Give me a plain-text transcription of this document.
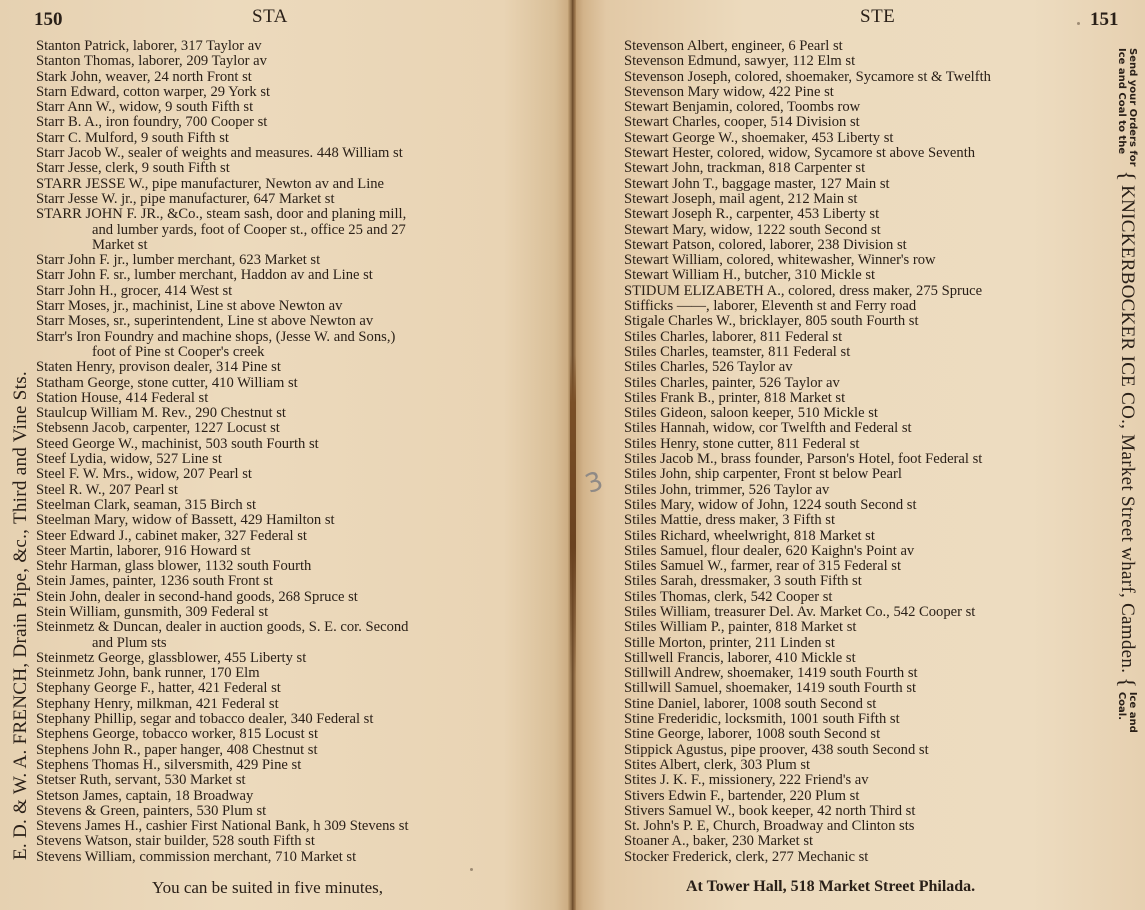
150	STA
E. D. & W. A. FRENCH, Drain Pipe, &c., Third and Vine Sts.
Stanton Patrick, laborer, 317 Taylor av
Stanton Thomas, laborer, 209 Taylor av
Stark John, weaver, 24 north Front st
Starn Edward, cotton warper, 29 York st
Starr Ann W., widow, 9 south Fifth st
Starr B. A., iron foundry, 700 Cooper st
Starr C. Mulford, 9 south Fifth st
Starr Jacob W., sealer of weights and measures. 448 William st
Starr Jesse, clerk, 9 south Fifth st
STARR JESSE W., pipe manufacturer, Newton av and Line
Starr Jesse W. jr., pipe manufacturer, 647 Market st
STARR JOHN F. JR., &Co., steam sash, door and planing mill,
and lumber yards, foot of Cooper st., office 25 and 27
Market st
Starr John F. jr., lumber merchant, 623 Market st
Starr John F. sr., lumber merchant, Haddon av and Line st
Starr John H., grocer, 414 West st
Starr Moses, jr., machinist, Line st above Newton av
Starr Moses, sr., superintendent, Line st above Newton av
Starr's Iron Foundry and machine shops, (Jesse W. and Sons,)
foot of Pine st Cooper's creek
Staten Henry, provison dealer, 314 Pine st
Statham George, stone cutter, 410 William st
Station House, 414 Federal st
Staulcup William M. Rev., 290 Chestnut st
Stebsenn Jacob, carpenter, 1227 Locust st
Steed George W., machinist, 503 south Fourth st
Steef Lydia, widow, 527 Line st
Steel F. W. Mrs., widow, 207 Pearl st
Steel R. W., 207 Pearl st
Steelman Clark, seaman, 315 Birch st
Steelman Mary, widow of Bassett, 429 Hamilton st
Steer Edward J., cabinet maker, 327 Federal st
Steer Martin, laborer, 916 Howard st
Stehr Harman, glass blower, 1132 south Fourth
Stein James, painter, 1236 south Front st
Stein John, dealer in second-hand goods, 268 Spruce st
Stein William, gunsmith, 309 Federal st
Steinmetz & Duncan, dealer in auction goods, S. E. cor. Second
and Plum sts
Steinmetz George, glassblower, 455 Liberty st
Steinmetz John, bank runner, 170 Elm
Stephany George F., hatter, 421 Federal st
Stephany Henry, milkman, 421 Federal st
Stephany Phillip, segar and tobacco dealer, 340 Federal st
Stephens George, tobacco worker, 815 Locust st
Stephens John R., paper hanger, 408 Chestnut st
Stephens Thomas H., silversmith, 429 Pine st
Stetser Ruth, servant, 530 Market st
Stetson James, captain, 18 Broadway
Stevens & Green, painters, 530 Plum st
Stevens James H., cashier First National Bank, h 309 Stevens st
Stevens Watson, stair builder, 528 south Fifth st
Stevens William, commission merchant, 710 Market st
You can be suited in five minutes,
STE	151
Stevenson Albert, engineer, 6 Pearl st
Stevenson Edmund, sawyer, 112 Elm st
Stevenson Joseph, colored, shoemaker, Sycamore st & Twelfth
Stevenson Mary widow, 422 Pine st
Stewart Benjamin, colored, Toombs row
Stewart Charles, cooper, 514 Division st
Stewart George W., shoemaker, 453 Liberty st
Stewart Hester, colored, widow, Sycamore st above Seventh
Stewart John, trackman, 818 Carpenter st
Stewart John T., baggage master, 127 Main st
Stewart Joseph, mail agent, 212 Main st
Stewart Joseph R., carpenter, 453 Liberty st
Stewart Mary, widow, 1222 south Second st
Stewart Patson, colored, laborer, 238 Division st
Stewart William, colored, whitewasher, Winner's row
Stewart William H., butcher, 310 Mickle st
STIDUM ELIZABETH A., colored, dress maker, 275 Spruce
Stifficks ——, laborer, Eleventh st and Ferry road
Stigale Charles W., bricklayer, 805 south Fourth st
Stiles Charles, laborer, 811 Federal st
Stiles Charles, teamster, 811 Federal st
Stiles Charles, 526 Taylor av
Stiles Charles, painter, 526 Taylor av
Stiles Frank B., printer, 818 Market st
Stiles Gideon, saloon keeper, 510 Mickle st
Stiles Hannah, widow, cor Twelfth and Federal st
Stiles Henry, stone cutter, 811 Federal st
Stiles Jacob M., brass founder, Parson's Hotel, foot Federal st
Stiles John, ship carpenter, Front st below Pearl
Stiles John, trimmer, 526 Taylor av
Stiles Mary, widow of John, 1224 south Second st
Stiles Mattie, dress maker, 3 Fifth st
Stiles Richard, wheelwright, 818 Market st
Stiles Samuel, flour dealer, 620 Kaighn's Point av
Stiles Samuel W., farmer, rear of 315 Federal st
Stiles Sarah, dressmaker, 3 south Fifth st
Stiles Thomas, clerk, 542 Cooper st
Stiles William, treasurer Del. Av. Market Co., 542 Cooper st
Stiles William P., painter, 818 Market st
Stille Morton, printer, 211 Linden st
Stillwell Francis, laborer, 410 Mickle st
Stillwill Andrew, shoemaker, 1419 south Fourth st
Stillwill Samuel, shoemaker, 1419 south Fourth st
Stine Daniel, laborer, 1008 south Second st
Stine Frederidic, locksmith, 1001 south Fifth st
Stine George, laborer, 1008 south Second st
Stippick Agustus, pipe proover, 438 south Second st
Stites Albert, clerk, 303 Plum st
Stites J. K. F., missionery, 222 Friend's av
Stivers Edwin F., bartender, 220 Plum st
Stivers Samuel W., book keeper, 42 north Third st
St. John's P. E, Church, Broadway and Clinton sts
Stoaner A., baker, 230 Market st
Stocker Frederick, clerk, 277 Mechanic st
At Tower Hall, 518 Market Street Philada.
Send your Orders for
Ice and Coal to the
{
KNICKERBOCKER ICE CO., Market Street wharf, Camden.
{
Ice and
Coal.
3
